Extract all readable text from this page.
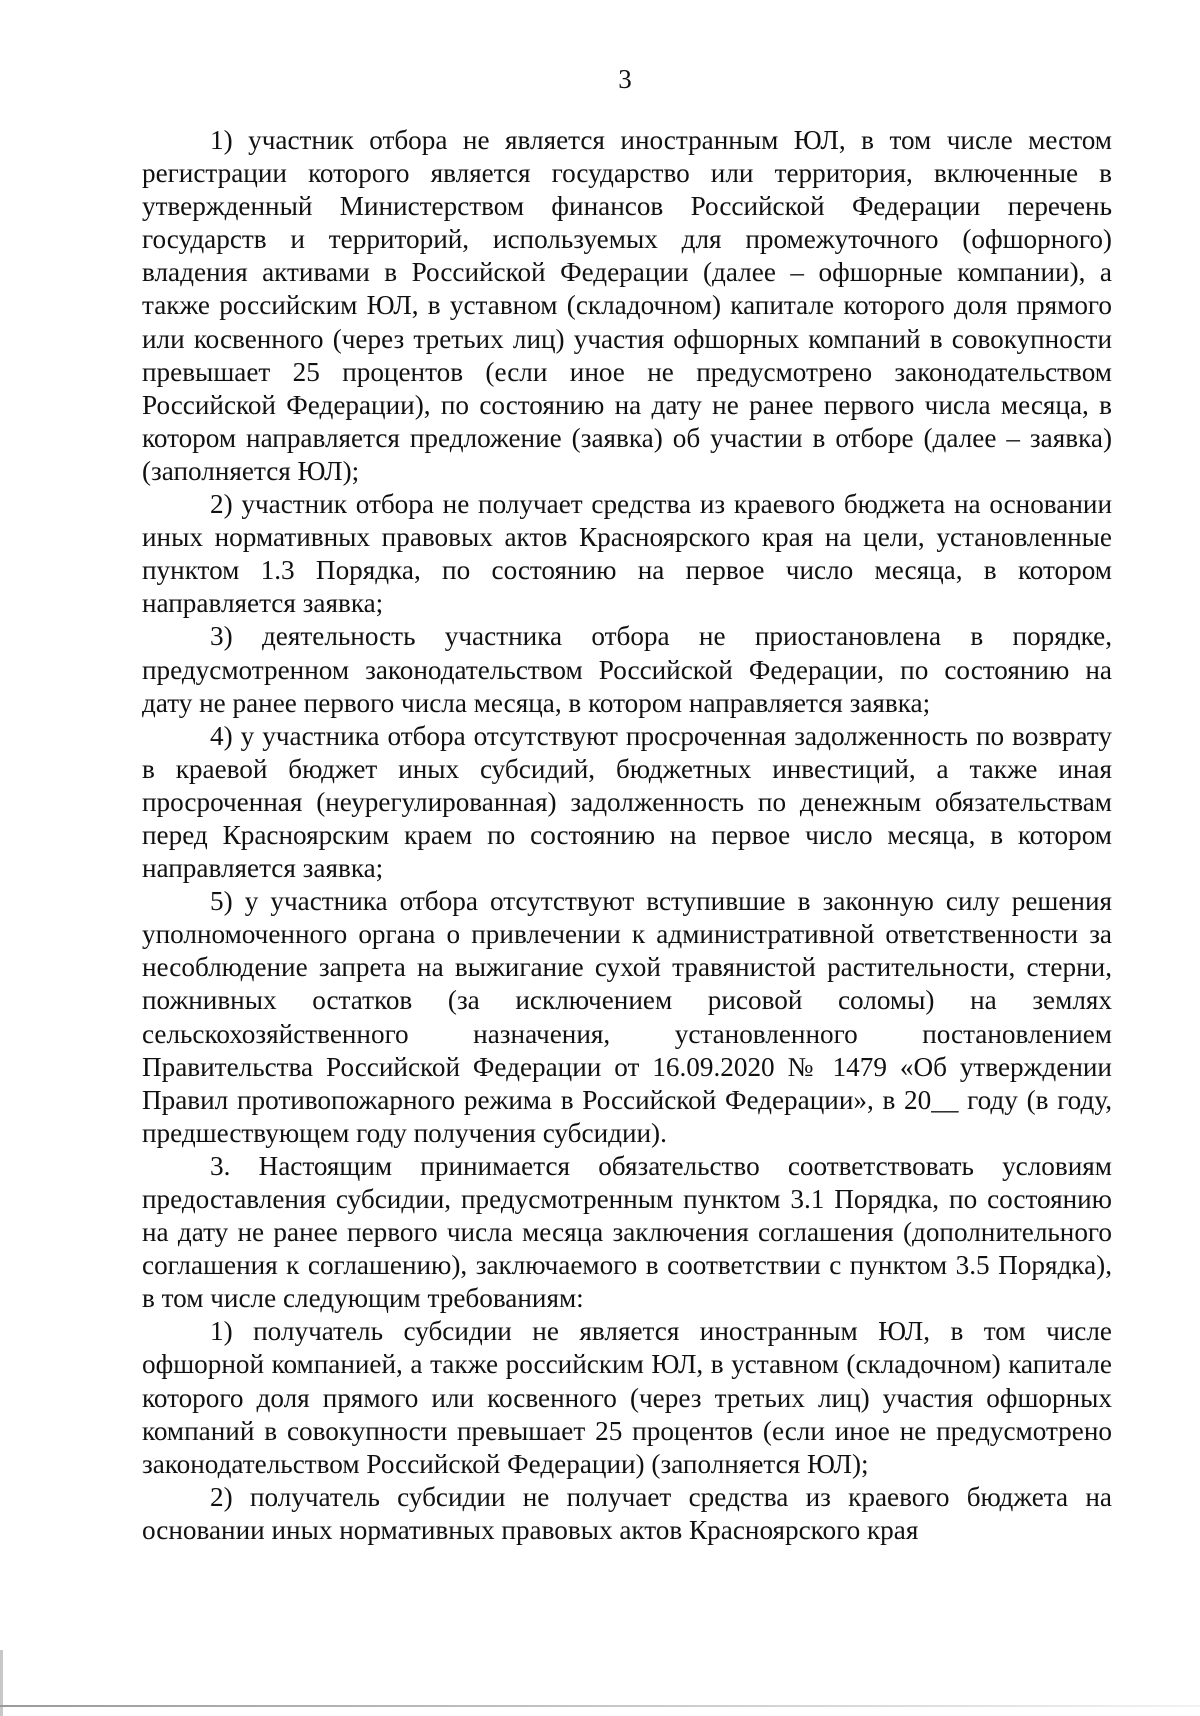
3

1) участник отбора не является иностранным ЮЛ, в том числе местом регистрации которого является государство или территория, включенные в утвержденный Министерством финансов Российской Федерации перечень государств и территорий, используемых для промежуточного (офшорного) владения активами в Российской Федерации (далее – офшорные компании), а также российским ЮЛ, в уставном (складочном) капитале которого доля прямого или косвенного (через третьих лиц) участия офшорных компаний в совокупности превышает 25 процентов (если иное не предусмотрено законодательством Российской Федерации), по состоянию на дату не ранее первого числа месяца, в котором направляется предложение (заявка) об участии в отборе (далее – заявка) (заполняется ЮЛ);

2) участник отбора не получает средства из краевого бюджета на основании иных нормативных правовых актов Красноярского края на цели, установленные пунктом 1.3 Порядка, по состоянию на первое число месяца, в котором направляется заявка;

3) деятельность участника отбора не приостановлена в порядке, предусмотренном законодательством Российской Федерации, по состоянию на дату не ранее первого числа месяца, в котором направляется заявка;

4) у участника отбора отсутствуют просроченная задолженность по возврату в краевой бюджет иных субсидий, бюджетных инвестиций, а также иная просроченная (неурегулированная) задолженность по денежным обязательствам перед Красноярским краем по состоянию на первое число месяца, в котором направляется заявка;

5) у участника отбора отсутствуют вступившие в законную силу решения уполномоченного органа о привлечении к административной ответственности за несоблюдение запрета на выжигание сухой травянистой растительности, стерни, пожнивных остатков (за исключением рисовой соломы) на землях сельскохозяйственного назначения, установленного постановлением Правительства Российской Федерации от 16.09.2020 № 1479 «Об утверждении Правил противопожарного режима в Российской Федерации», в 20__ году (в году, предшествующем году получения субсидии).

3. Настоящим принимается обязательство соответствовать условиям предоставления субсидии, предусмотренным пунктом 3.1 Порядка, по состоянию на дату не ранее первого числа месяца заключения соглашения (дополнительного соглашения к соглашению), заключаемого в соответствии с пунктом 3.5 Порядка), в том числе следующим требованиям:

1) получатель субсидии не является иностранным ЮЛ, в том числе офшорной компанией, а также российским ЮЛ, в уставном (складочном) капитале которого доля прямого или косвенного (через третьих лиц) участия офшорных компаний в совокупности превышает 25 процентов (если иное не предусмотрено законодательством Российской Федерации) (заполняется ЮЛ);

2) получатель субсидии не получает средства из краевого бюджета на основании иных нормативных правовых актов Красноярского края
